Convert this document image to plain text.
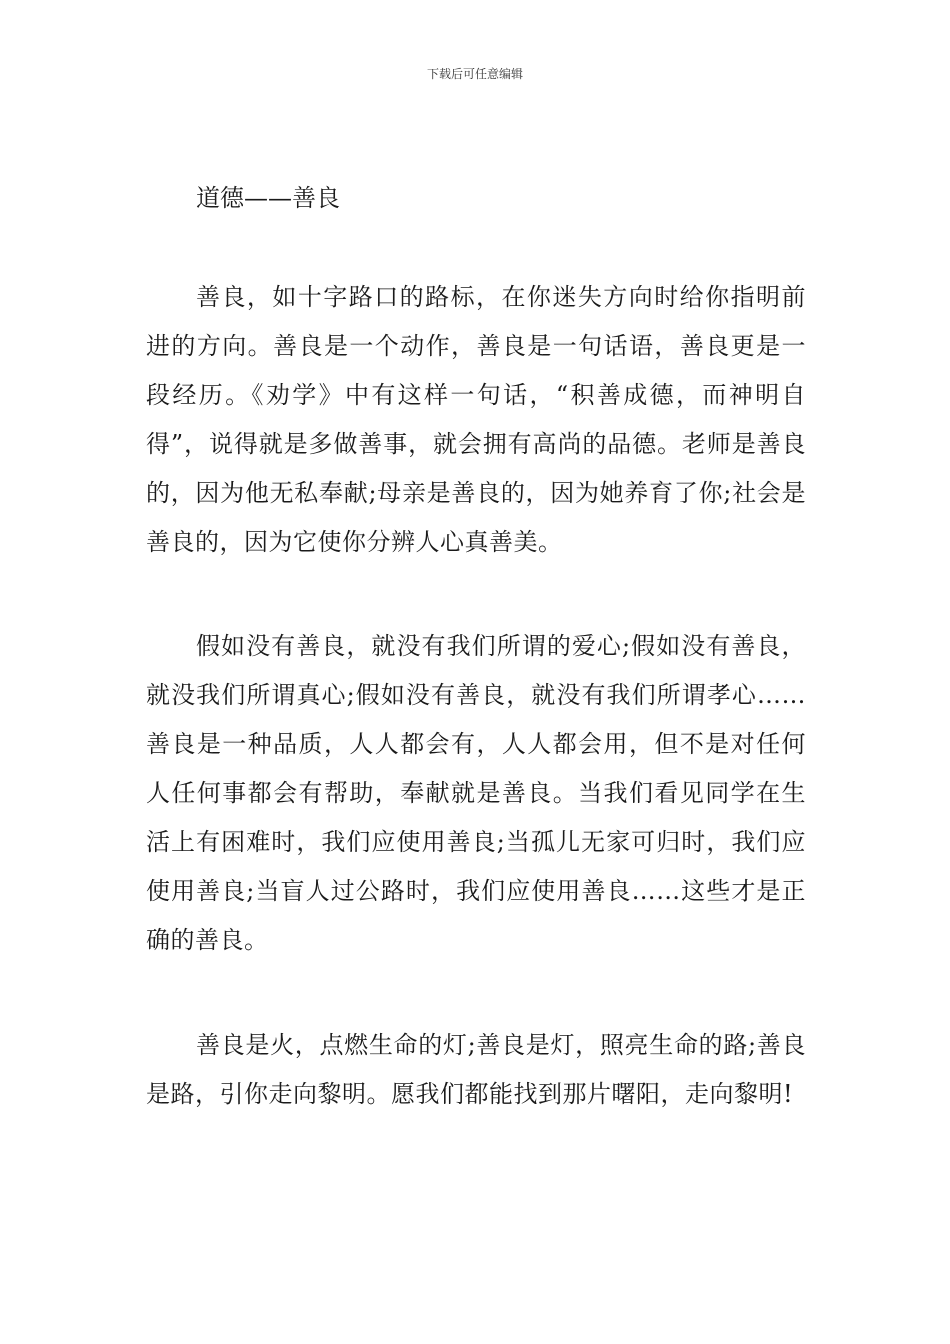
下载后可任意编辑
道德——善良

善良，如十字路口的路标，在你迷失方向时给你指明前进的方向。善良是一个动作，善良是一句话语，善良更是一段经历。《劝学》中有这样一句话，“积善成德，而神明自得”，说得就是多做善事，就会拥有高尚的品德。老师是善良的，因为他无私奉献;母亲是善良的，因为她养育了你;社会是善良的，因为它使你分辨人心真善美。

假如没有善良，就没有我们所谓的爱心;假如没有善良，就没我们所谓真心;假如没有善良，就没有我们所谓孝心……善良是一种品质，人人都会有，人人都会用，但不是对任何人任何事都会有帮助，奉献就是善良。当我们看见同学在生活上有困难时，我们应使用善良;当孤儿无家可归时，我们应使用善良;当盲人过公路时，我们应使用善良……这些才是正确的善良。

善良是火，点燃生命的灯;善良是灯，照亮生命的路;善良是路，引你走向黎明。愿我们都能找到那片曙阳，走向黎明!
